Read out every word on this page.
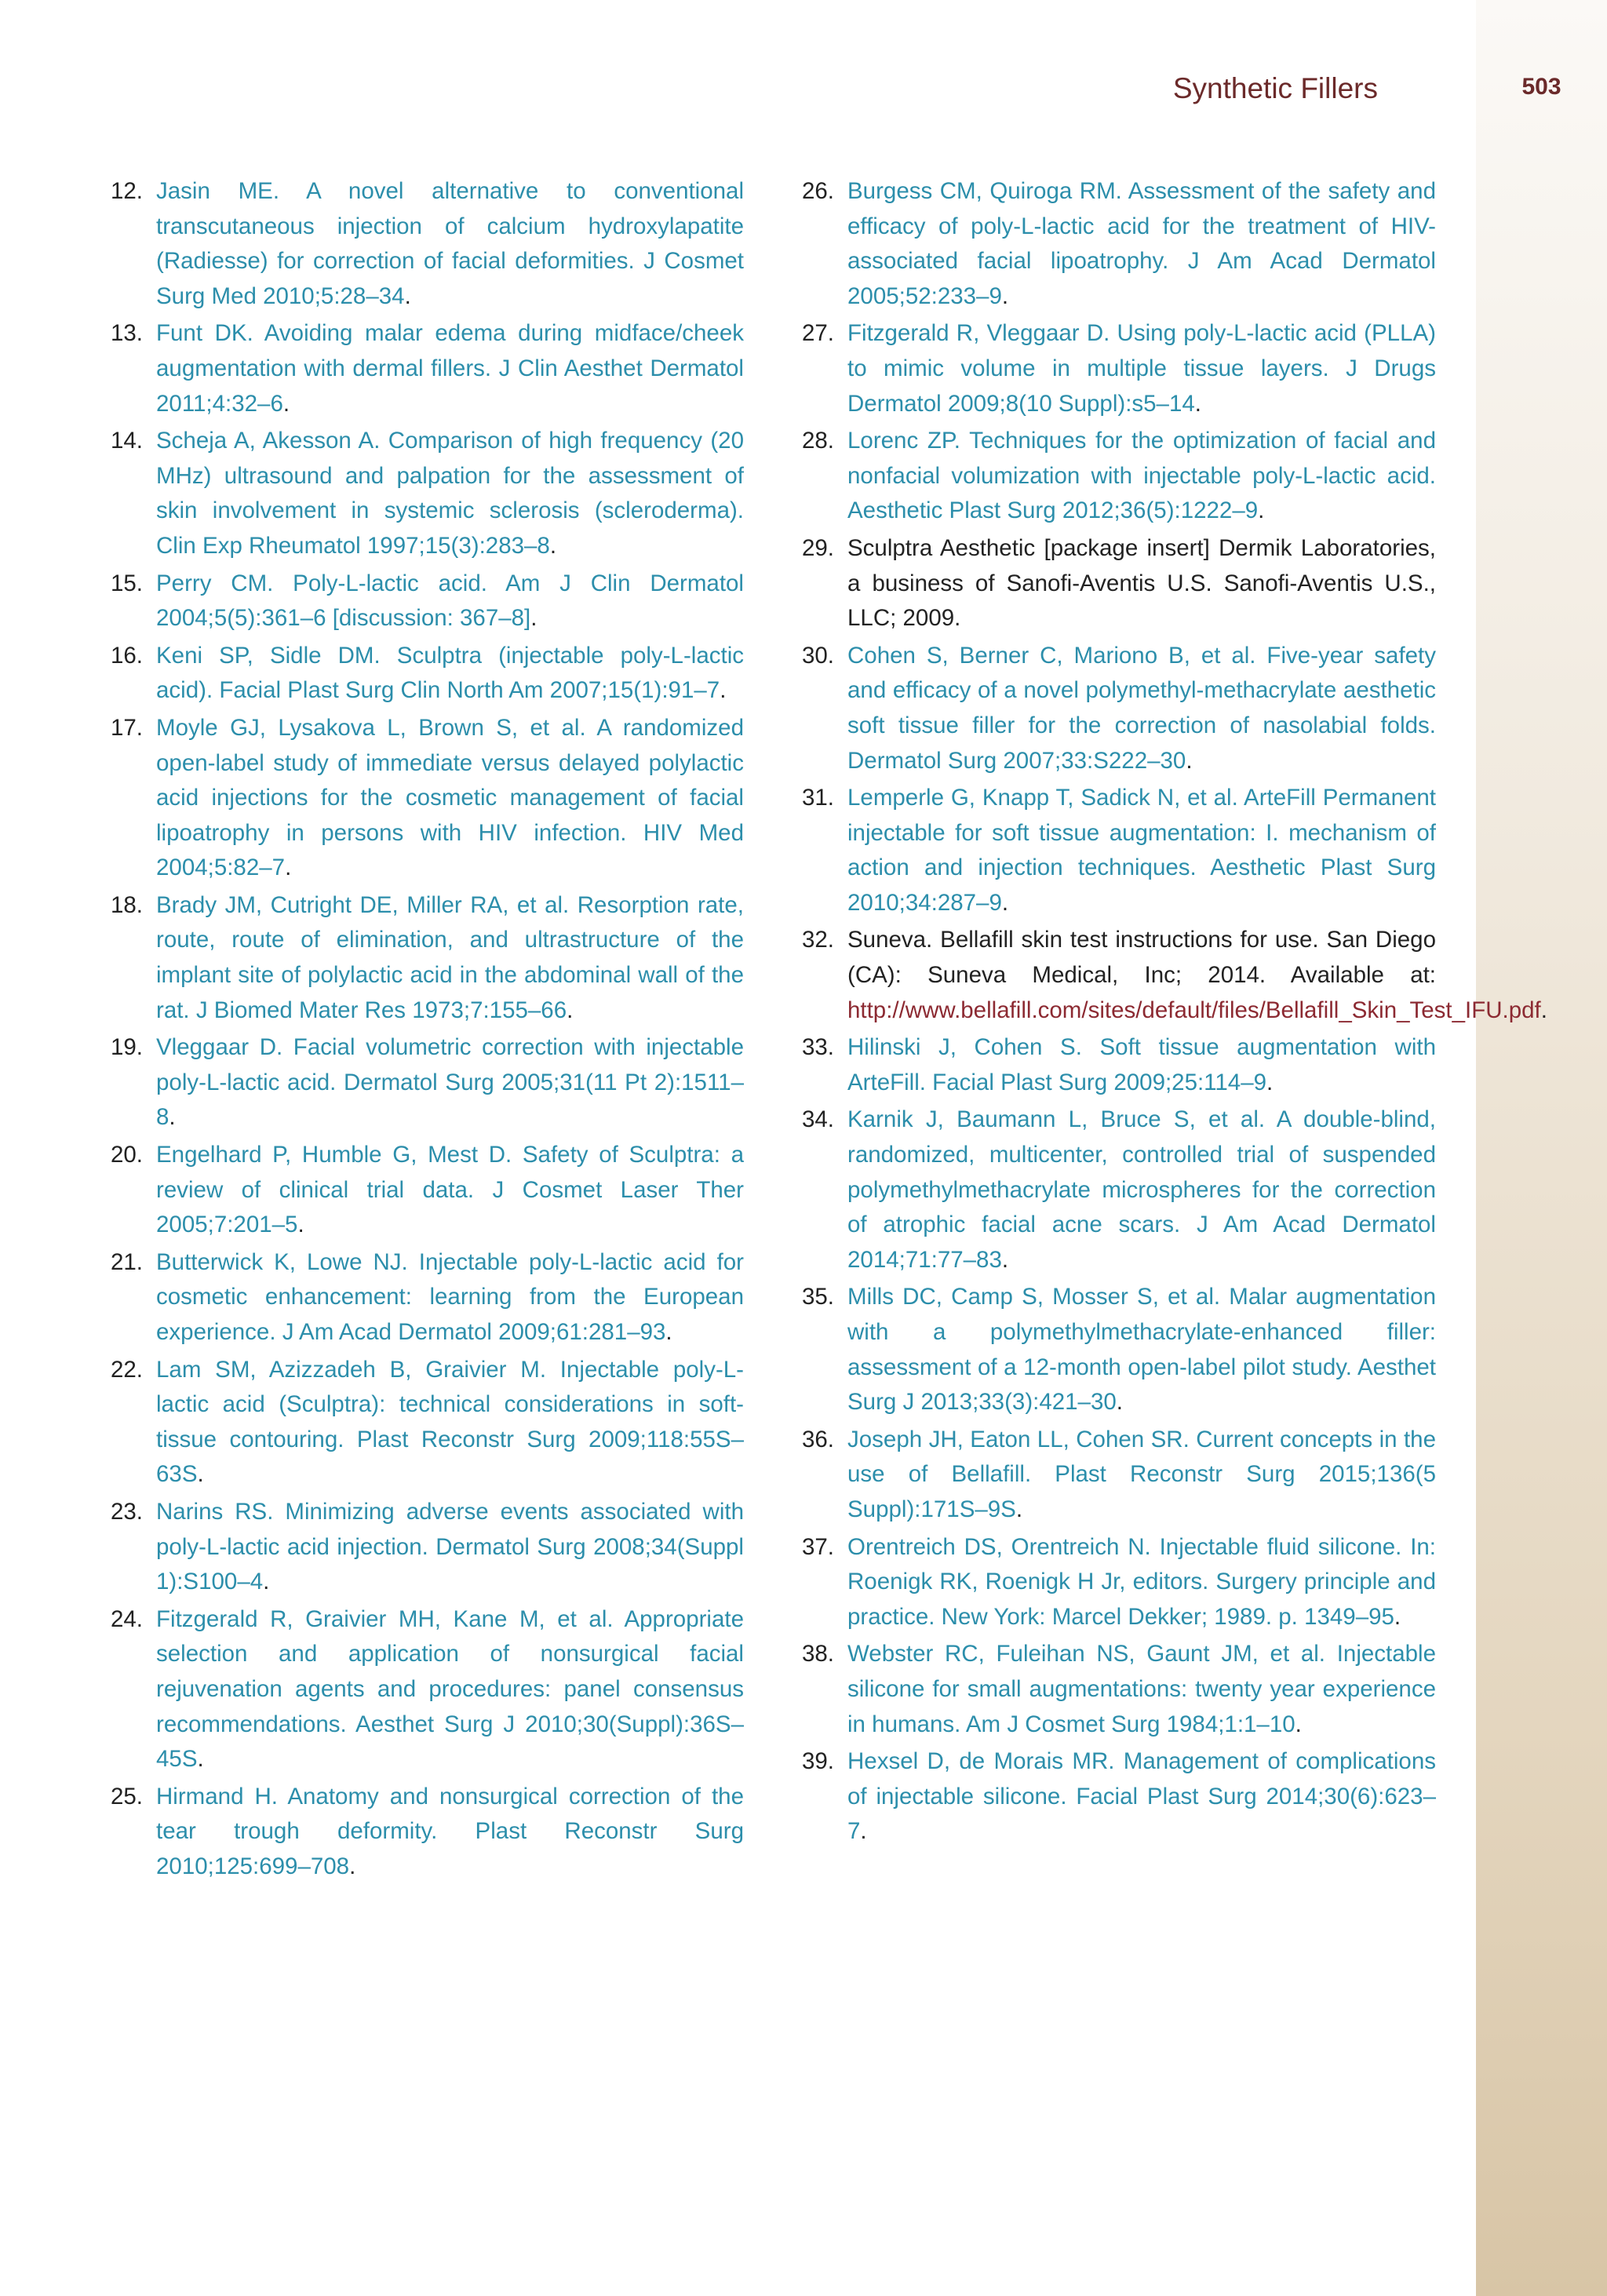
Synthetic Fillers	503
12. Jasin ME. A novel alternative to conventional transcutaneous injection of calcium hydroxylapatite (Radiesse) for correction of facial deformities. J Cosmet Surg Med 2010;5:28–34.
13. Funt DK. Avoiding malar edema during midface/cheek augmentation with dermal fillers. J Clin Aesthet Dermatol 2011;4:32–6.
14. Scheja A, Akesson A. Comparison of high frequency (20 MHz) ultrasound and palpation for the assessment of skin involvement in systemic sclerosis (scleroderma). Clin Exp Rheumatol 1997;15(3):283–8.
15. Perry CM. Poly-L-lactic acid. Am J Clin Dermatol 2004;5(5):361–6 [discussion: 367–8].
16. Keni SP, Sidle DM. Sculptra (injectable poly-L-lactic acid). Facial Plast Surg Clin North Am 2007;15(1):91–7.
17. Moyle GJ, Lysakova L, Brown S, et al. A randomized open-label study of immediate versus delayed polylactic acid injections for the cosmetic management of facial lipoatrophy in persons with HIV infection. HIV Med 2004;5:82–7.
18. Brady JM, Cutright DE, Miller RA, et al. Resorption rate, route, route of elimination, and ultrastructure of the implant site of polylactic acid in the abdominal wall of the rat. J Biomed Mater Res 1973;7:155–66.
19. Vleggaar D. Facial volumetric correction with injectable poly-L-lactic acid. Dermatol Surg 2005;31(11 Pt 2):1511–8.
20. Engelhard P, Humble G, Mest D. Safety of Sculptra: a review of clinical trial data. J Cosmet Laser Ther 2005;7:201–5.
21. Butterwick K, Lowe NJ. Injectable poly-L-lactic acid for cosmetic enhancement: learning from the European experience. J Am Acad Dermatol 2009;61:281–93.
22. Lam SM, Azizzadeh B, Graivier M. Injectable poly-L-lactic acid (Sculptra): technical considerations in soft-tissue contouring. Plast Reconstr Surg 2009;118:55S–63S.
23. Narins RS. Minimizing adverse events associated with poly-L-lactic acid injection. Dermatol Surg 2008;34(Suppl 1):S100–4.
24. Fitzgerald R, Graivier MH, Kane M, et al. Appropriate selection and application of nonsurgical facial rejuvenation agents and procedures: panel consensus recommendations. Aesthet Surg J 2010;30(Suppl):36S–45S.
25. Hirmand H. Anatomy and nonsurgical correction of the tear trough deformity. Plast Reconstr Surg 2010;125:699–708.
26. Burgess CM, Quiroga RM. Assessment of the safety and efficacy of poly-L-lactic acid for the treatment of HIV-associated facial lipoatrophy. J Am Acad Dermatol 2005;52:233–9.
27. Fitzgerald R, Vleggaar D. Using poly-L-lactic acid (PLLA) to mimic volume in multiple tissue layers. J Drugs Dermatol 2009;8(10 Suppl):s5–14.
28. Lorenc ZP. Techniques for the optimization of facial and nonfacial volumization with injectable poly-L-lactic acid. Aesthetic Plast Surg 2012;36(5):1222–9.
29. Sculptra Aesthetic [package insert] Dermik Laboratories, a business of Sanofi-Aventis U.S. Sanofi-Aventis U.S., LLC; 2009.
30. Cohen S, Berner C, Mariono B, et al. Five-year safety and efficacy of a novel polymethyl-methacrylate aesthetic soft tissue filler for the correction of nasolabial folds. Dermatol Surg 2007;33:S222–30.
31. Lemperle G, Knapp T, Sadick N, et al. ArteFill Permanent injectable for soft tissue augmentation: I. mechanism of action and injection techniques. Aesthetic Plast Surg 2010;34:287–9.
32. Suneva. Bellafill skin test instructions for use. San Diego (CA): Suneva Medical, Inc; 2014. Available at: http://www.bellafill.com/sites/default/files/Bellafill_Skin_Test_IFU.pdf.
33. Hilinski J, Cohen S. Soft tissue augmentation with ArteFill. Facial Plast Surg 2009;25:114–9.
34. Karnik J, Baumann L, Bruce S, et al. A double-blind, randomized, multicenter, controlled trial of suspended polymethylmethacrylate microspheres for the correction of atrophic facial acne scars. J Am Acad Dermatol 2014;71:77–83.
35. Mills DC, Camp S, Mosser S, et al. Malar augmentation with a polymethylmethacrylate-enhanced filler: assessment of a 12-month open-label pilot study. Aesthet Surg J 2013;33(3):421–30.
36. Joseph JH, Eaton LL, Cohen SR. Current concepts in the use of Bellafill. Plast Reconstr Surg 2015;136(5 Suppl):171S–9S.
37. Orentreich DS, Orentreich N. Injectable fluid silicone. In: Roenigk RK, Roenigk H Jr, editors. Surgery principle and practice. New York: Marcel Dekker; 1989. p. 1349–95.
38. Webster RC, Fuleihan NS, Gaunt JM, et al. Injectable silicone for small augmentations: twenty year experience in humans. Am J Cosmet Surg 1984;1:1–10.
39. Hexsel D, de Morais MR. Management of complications of injectable silicone. Facial Plast Surg 2014;30(6):623–7.
